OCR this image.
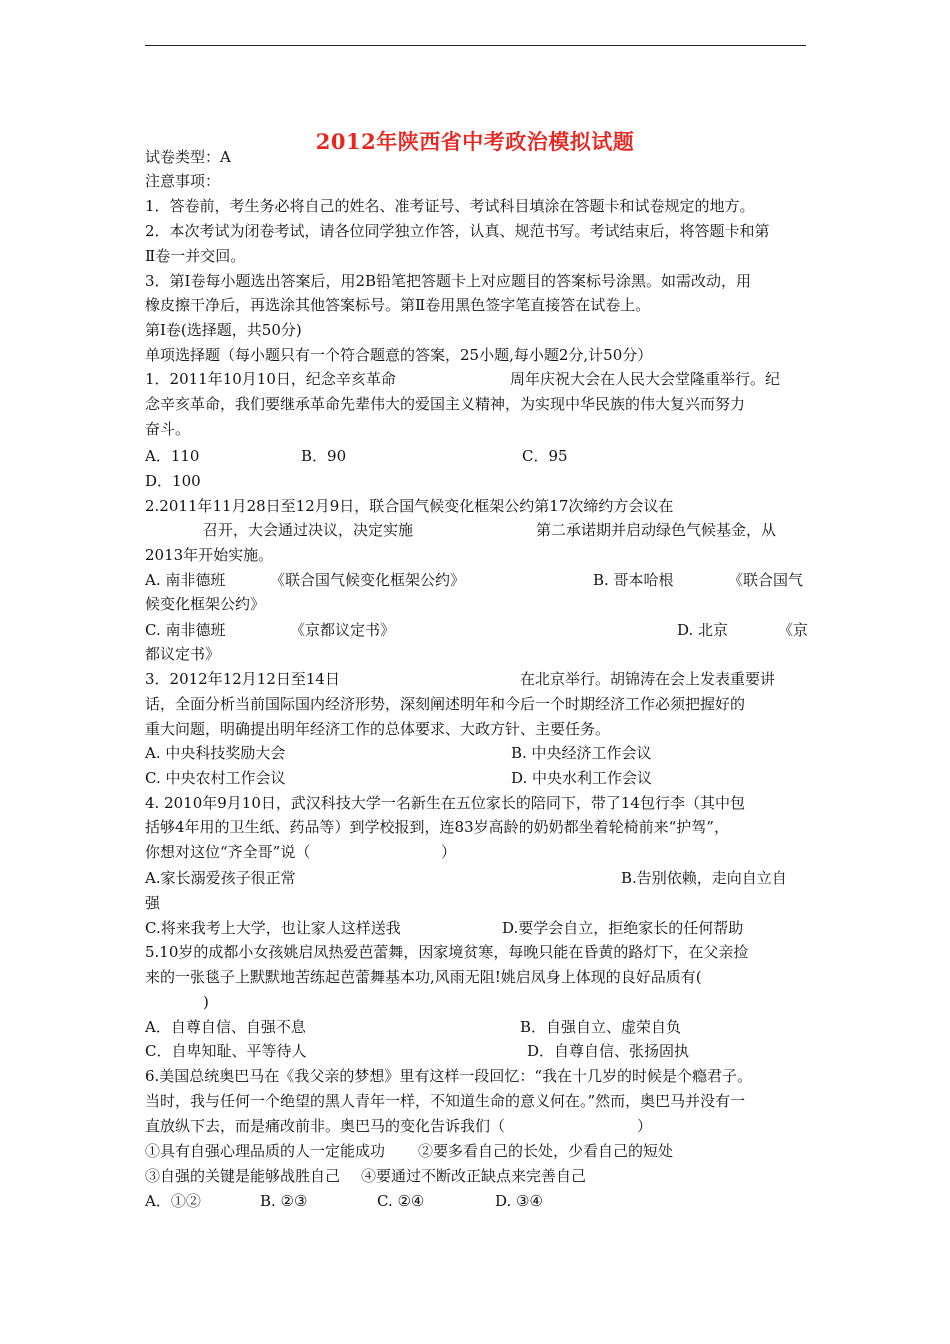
2012年陕西省中考政治模拟试题
试卷类型：A
注意事项：
1．答卷前，考生务必将自己的姓名、准考证号、考试科目填涂在答题卡和试卷规定的地方。
2．本次考试为闭卷考试，请各位同学独立作答，认真、规范书写。考试结束后，将答题卡和第
Ⅱ卷一并交回。
3．第Ⅰ卷每小题选出答案后，用2B铅笔把答题卡上对应题目的答案标号涂黑。如需改动，用
橡皮擦干净后，再选涂其他答案标号。第Ⅱ卷用黑色签字笔直接答在试卷上。
第Ⅰ卷(选择题，共50分)
单项选择题（每小题只有一个符合题意的答案，25小题,每小题2分,计50分）
1．2011年10月10日，纪念辛亥革命	周年庆祝大会在人民大会堂隆重举行。纪
念辛亥革命，我们要继承革命先辈伟大的爱国主义精神，为实现中华民族的伟大复兴而努力
奋斗。
A．110	B．90	C．95
D．100
2.2011年11月28日至12月9日，联合国气候变化框架公约第17次缔约方会议在
召开，大会通过决议，决定实施	第二承诺期并启动绿色气候基金，从
2013年开始实施。
A. 南非德班	《联合国气候变化框架公约》	B. 哥本哈根	《联合国气
候变化框架公约》
C. 南非德班	《京都议定书》	D. 北京	《京
都议定书》
3．2012年12月12日至14日	在北京举行。胡锦涛在会上发表重要讲
话，全面分析当前国际国内经济形势，深刻阐述明年和今后一个时期经济工作必须把握好的
重大问题，明确提出明年经济工作的总体要求、大政方针、主要任务。
A. 中央科技奖励大会	B. 中央经济工作会议
C. 中央农村工作会议	D. 中央水利工作会议
4. 2010年9月10日，武汉科技大学一名新生在五位家长的陪同下，带了14包行李（其中包
括够4年用的卫生纸、药品等）到学校报到，连83岁高龄的奶奶都坐着轮椅前来“护驾”，
你想对这位“齐全哥”说（	）
A.家长溺爱孩子很正常	B.告别依赖，走向自立自
强
C.将来我考上大学，也让家人这样送我	D.要学会自立，拒绝家长的任何帮助
5.10岁的成都小女孩姚启凤热爱芭蕾舞，因家境贫寒，每晚只能在昏黄的路灯下，在父亲捡
来的一张毯子上默默地苦练起芭蕾舞基本功,风雨无阻!姚启凤身上体现的良好品质有(
)
A．自尊自信、自强不息	B．自强自立、虚荣自负
C．自卑知耻、平等待人	D．自尊自信、张扬固执
6.美国总统奥巴马在《我父亲的梦想》里有这样一段回忆：“我在十几岁的时候是个瘾君子。
当时，我与任何一个绝望的黑人青年一样，不知道生命的意义何在。”然而，奥巴马并没有一
直放纵下去，而是痛改前非。奥巴马的变化告诉我们（	）
①具有自强心理品质的人一定能成功 ②要多看自己的长处，少看自己的短处
③自强的关键是能够战胜自己 ④要通过不断改正缺点来完善自己
A．①②	B. ②③	C. ②④	D. ③④
